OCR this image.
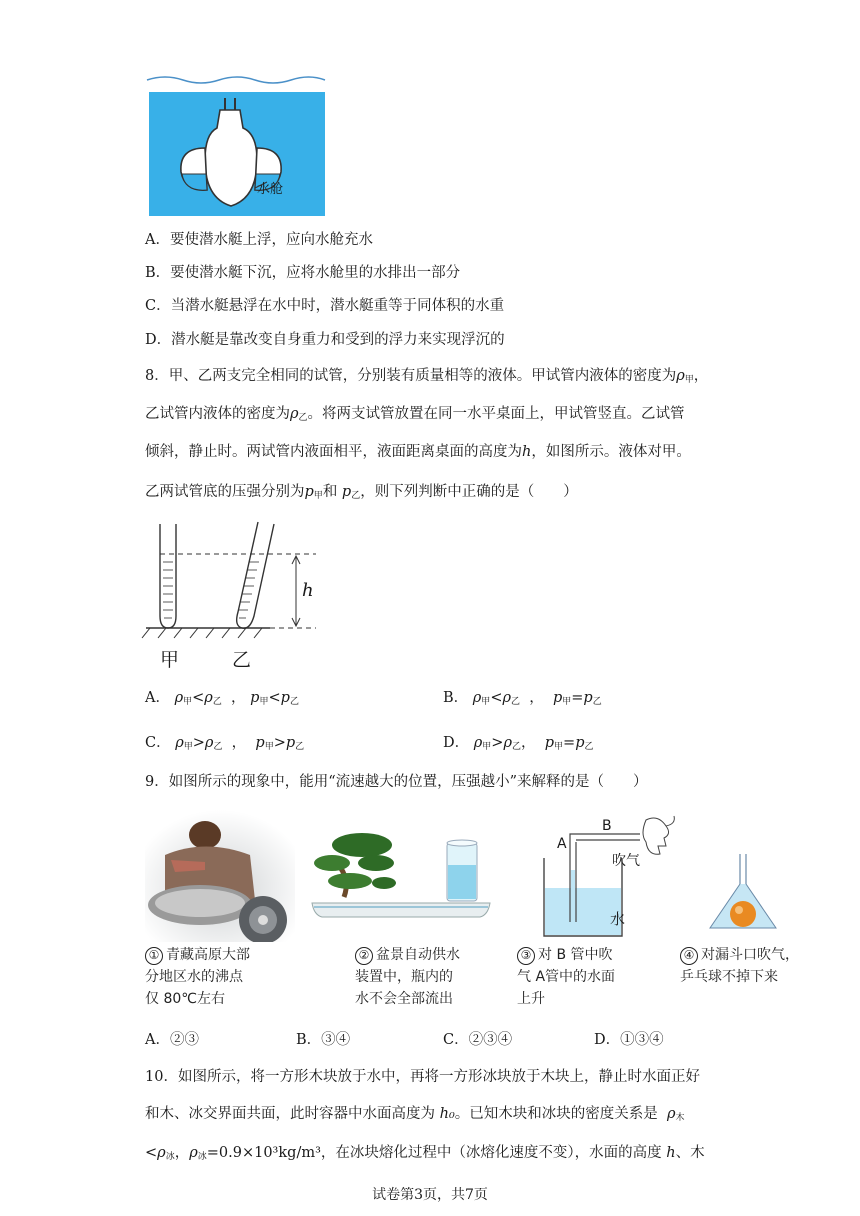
水舱
A．要使潜水艇上浮，应向水舱充水
B．要使潜水艇下沉，应将水舱里的水排出一部分
C．当潜水艇悬浮在水中时，潜水艇重等于同体积的水重
D．潜水艇是靠改变自身重力和受到的浮力来实现浮沉的
8．甲、乙两支完全相同的试管，分别装有质量相等的液体。甲试管内液体的密度为$\rho_甲$，
乙试管内液体的密度为$\rho_乙$。将两支试管放置在同一水平桌面上，甲试管竖直。乙试管
倾斜，静止时。两试管内液面相平，液面距离桌面的高度为h，如图所示。液体对甲。
乙两试管底的压强分别为$p_甲$和 $p_乙$，则下列判断中正确的是（　　）
h
甲	乙
A． $\rho_甲<\rho_乙$  ， $p_甲<p_乙$	B． $\rho_甲<\rho_乙$  ，  $p_甲=p_乙$
C． $\rho_甲>\rho_乙$  ，  $p_甲>p_乙$	D． $\rho_甲>\rho_乙$，  $p_甲=p_乙$
9．如图所示的现象中，能用“流速越大的位置，压强越小”来解释的是（　　）
A
B
吹气
水
① 青藏高原大部
分地区水的沸点
仅 80℃左右
② 盆景自动供水
装置中，瓶内的
水不会全部流出
③ 对 B 管中吹
气 A管中的水面
上升
④ 对漏斗口吹气，
乒乓球不掉下来
A．②③	B．③④	C．②③④	D．①③④
10．如图所示，将一方形木块放于水中，再将一方形冰块放于木块上，静止时水面正好
和木、冰交界面共面，此时容器中水面高度为 h₀。已知木块和冰块的密度关系是 $\rho_木$
$<\rho_冰$，$\rho_冰=0.9\times 10^3kg/m^3$，在冰块熔化过程中（冰熔化速度不变），水面的高度 h、木
试卷第3页，共7页
